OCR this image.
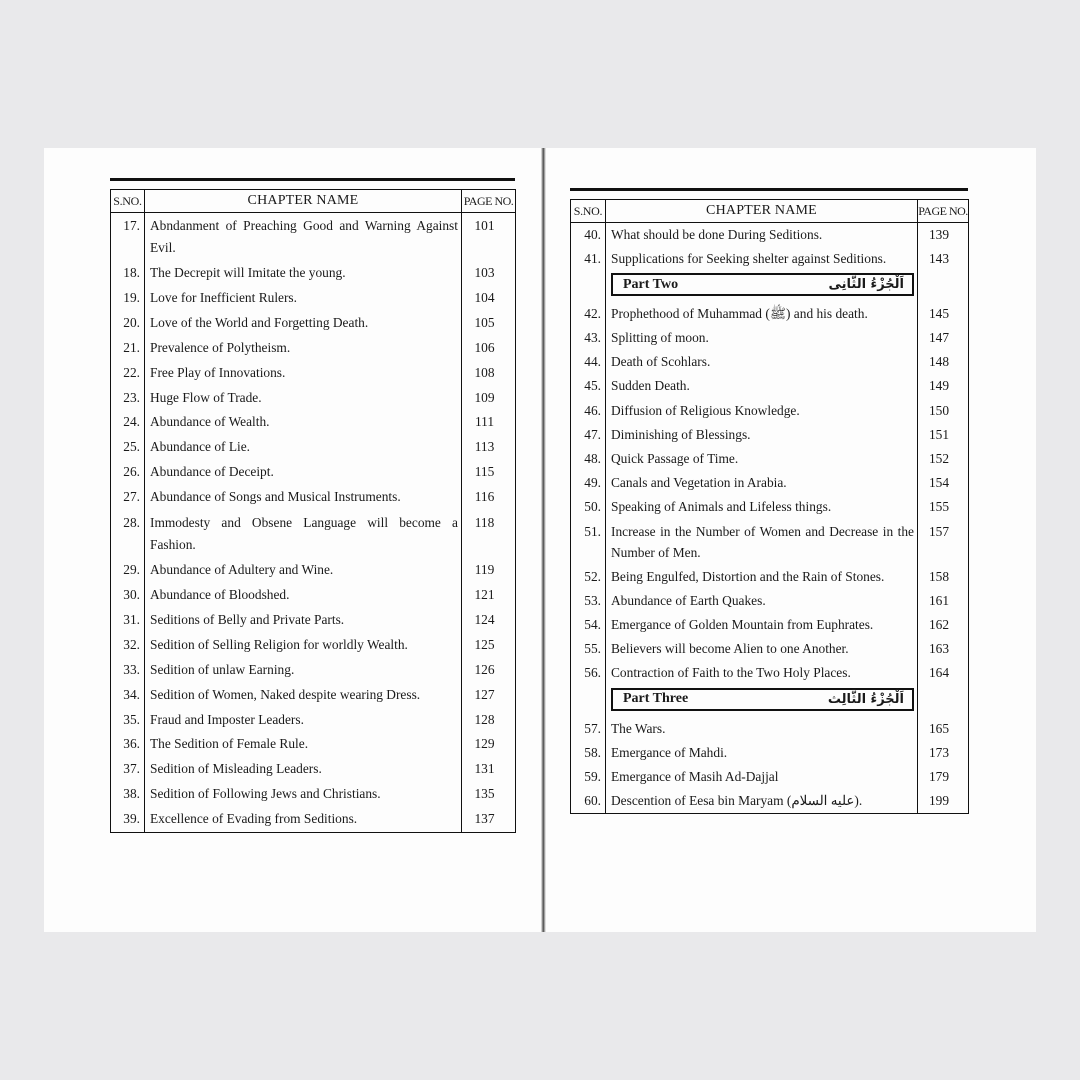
S.NO.	CHAPTER NAME	PAGE NO.
17.	Abndanment of Preaching Good and Warning Against Evil.	101
18.	The Decrepit will Imitate the young.	103
19.	Love for Inefficient Rulers.	104
20.	Love of the World and Forgetting Death.	105
21.	Prevalence of Polytheism.	106
22.	Free Play of Innovations.	108
23.	Huge Flow of Trade.	109
24.	Abundance of Wealth.	111
25.	Abundance of Lie.	113
26.	Abundance of Deceipt.	115
27.	Abundance of Songs and Musical Instruments.	116
28.	Immodesty and Obsene Language will become a Fashion.	118
29.	Abundance of Adultery and Wine.	119
30.	Abundance of Bloodshed.	121
31.	Seditions of Belly and Private Parts.	124
32.	Sedition of Selling Religion for worldly Wealth.	125
33.	Sedition of unlaw Earning.	126
34.	Sedition of Women, Naked despite wearing Dress.	127
35.	Fraud and Imposter Leaders.	128
36.	The Sedition of Female Rule.	129
37.	Sedition of Misleading Leaders.	131
38.	Sedition of Following Jews and Christians.	135
39.	Excellence of Evading from Seditions.	137
S.NO.	CHAPTER NAME	PAGE NO.
40.	What should be done During Seditions.	139
41.	Supplications for Seeking shelter against Seditions.	143

	Part Two اَلْجُزْءُ الثَّانِى	

42.	Prophethood of Muhammad (ﷺ) and his death.	145
43.	Splitting of moon.	147
44.	Death of Scohlars.	148
45.	Sudden Death.	149
46.	Diffusion of Religious Knowledge.	150
47.	Diminishing of Blessings.	151
48.	Quick Passage of Time.	152
49.	Canals and Vegetation in Arabia.	154
50.	Speaking of Animals and Lifeless things.	155
51.	Increase in the Number of Women and Decrease in the Number of Men.	157
52.	Being Engulfed, Distortion and the Rain of Stones.	158
53.	Abundance of Earth Quakes.	161
54.	Emergance of Golden Mountain from Euphrates.	162
55.	Believers will become Alien to one Another.	163
56.	Contraction of Faith to the Two Holy Places.	164

	Part Three اَلْجُزْءُ الثَّالِث	

57.	The Wars.	165
58.	Emergance of Mahdi.	173
59.	Emergance of Masih Ad-Dajjal	179
60.	Descention of Eesa bin Maryam (عليه السلام).	199
